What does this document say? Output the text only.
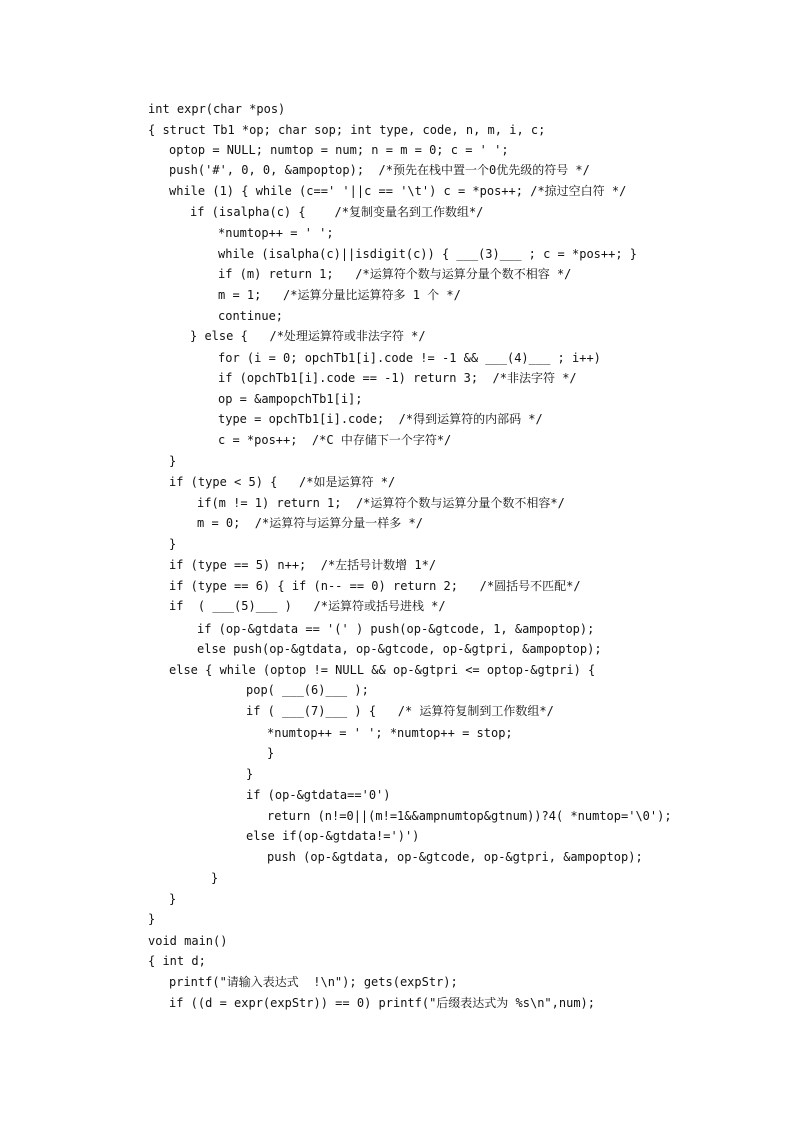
int expr(char *pos)
{ struct Tb1 *op; char sop; int type, code, n, m, i, c;
optop = NULL; numtop = num; n = m = 0; c = ' ';
push('#', 0, 0, &ampoptop);  /*预先在栈中置一个0优先级的符号 */
while (1) { while (c==' '||c == '\t') c = *pos++; /*掠过空白符 */
if (isalpha(c) {    /*复制变量名到工作数组*/
*numtop++ = ' ';
while (isalpha(c)||isdigit(c)) { ___(3)___ ; c = *pos++; }
if (m) return 1;   /*运算符个数与运算分量个数不相容 */
m = 1;   /*运算分量比运算符多 1 个 */
continue;
} else {   /*处理运算符或非法字符 */
for (i = 0; opchTb1[i].code != -1 && ___(4)___ ; i++)
if (opchTb1[i].code == -1) return 3;  /*非法字符 */
op = &ampopchTb1[i];
type = opchTb1[i].code;  /*得到运算符的内部码 */
c = *pos++;  /*C 中存储下一个字符*/
}
if (type < 5) {   /*如是运算符 */
if(m != 1) return 1;  /*运算符个数与运算分量个数不相容*/
m = 0;  /*运算符与运算分量一样多 */
}
if (type == 5) n++;  /*左括号计数增 1*/
if (type == 6) { if (n-- == 0) return 2;   /*圆括号不匹配*/
if  ( ___(5)___ )   /*运算符或括号进栈 */
if (op-&gtdata == '(' ) push(op-&gtcode, 1, &ampoptop);
else push(op-&gtdata, op-&gtcode, op-&gtpri, &ampoptop);
else { while (optop != NULL && op-&gtpri <= optop-&gtpri) {
pop( ___(6)___ );
if ( ___(7)___ ) {   /* 运算符复制到工作数组*/
*numtop++ = ' '; *numtop++ = stop;
}
}
if (op-&gtdata=='0')
return (n!=0||(m!=1&&ampnumtop&gtnum))?4( *numtop='\0');
else if(op-&gtdata!=')')
push (op-&gtdata, op-&gtcode, op-&gtpri, &ampoptop);
}
}
}
void main()
{ int d;
printf("请输入表达式  !\n"); gets(expStr);
if ((d = expr(expStr)) == 0) printf("后缀表达式为 %s\n",num);
